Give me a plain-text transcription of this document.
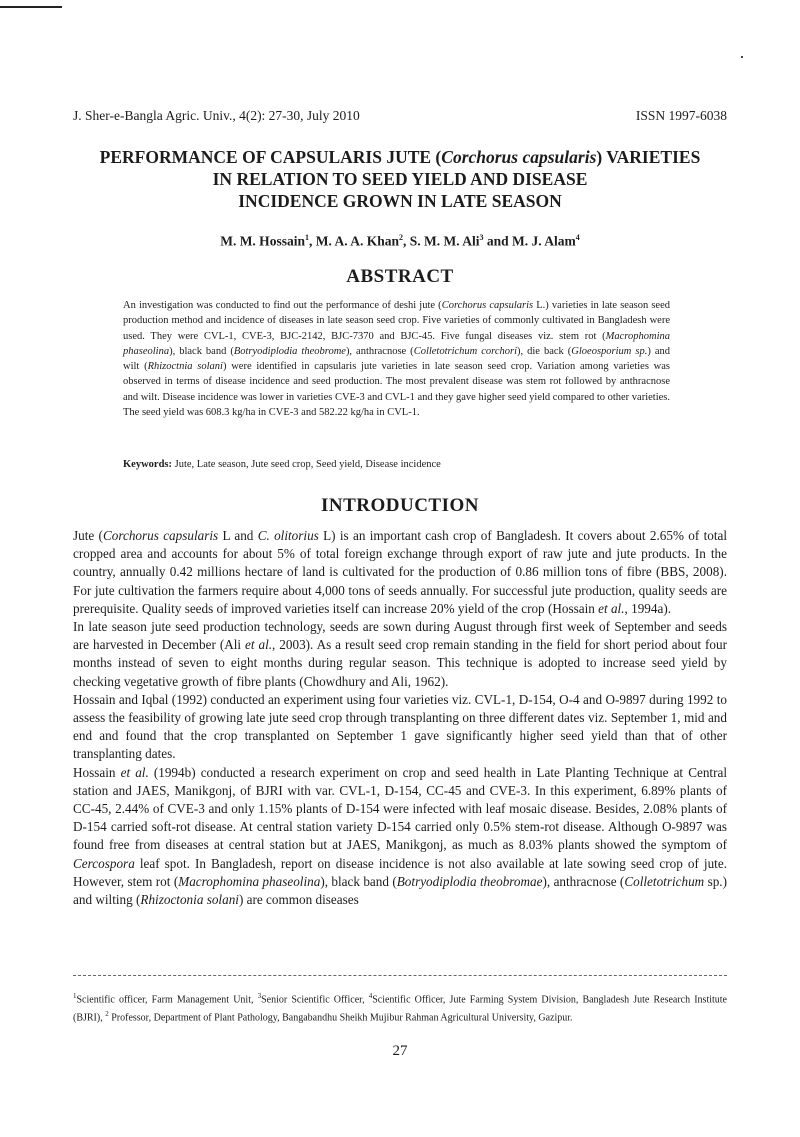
J. Sher-e-Bangla Agric. Univ., 4(2): 27-30, July 2010	ISSN 1997-6038
PERFORMANCE OF CAPSULARIS JUTE (Corchorus capsularis) VARIETIES
IN RELATION TO SEED YIELD AND DISEASE
INCIDENCE GROWN IN LATE SEASON
M. M. Hossain$^1$, M. A. A. Khan$^2$, S. M. M. Ali$^3$ and M. J. Alam$^4$
ABSTRACT
An investigation was conducted to find out the performance of deshi jute (Corchorus capsularis L.) varieties in late season seed production method and incidence of diseases in late season seed crop. Five varieties of commonly cultivated in Bangladesh were used. They were CVL-1, CVE-3, BJC-2142, BJC-7370 and BJC-45. Five fungal diseases viz. stem rot (Macrophomina phaseolina), black band (Botryodiplodia theobrome), anthracnose (Colletotrichum corchori), die back (Gloeosporium sp.) and wilt (Rhizoctnia solani) were identified in capsularis jute varieties in late season seed crop. Variation among varieties was observed in terms of disease incidence and seed production. The most prevalent disease was stem rot followed by anthracnose and wilt. Disease incidence was lower in varieties CVE-3 and CVL-1 and they gave higher seed yield compared to other varieties. The seed yield was 608.3 kg/ha in CVE-3 and 582.22 kg/ha in CVL-1.
Keywords: Jute, Late season, Jute seed crop, Seed yield, Disease incidence
INTRODUCTION

Jute (Corchorus capsularis L and C. olitorius L) is an important cash crop of Bangladesh. It covers about 2.65% of total cropped area and accounts for about 5% of total foreign exchange through export of raw jute and jute products. In the country, annually 0.42 millions hectare of land is cultivated for the production of 0.86 million tons of fibre (BBS, 2008). For jute cultivation the farmers require about 4,000 tons of seeds annually. For successful jute production, quality seeds are prerequisite. Quality seeds of improved varieties itself can increase 20% yield of the crop (Hossain et al., 1994a).

In late season jute seed production technology, seeds are sown during August through first week of September and seeds are harvested in December (Ali et al., 2003). As a result seed crop remain standing in the field for short period about four months instead of seven to eight months during regular season. This technique is adopted to increase seed yield by checking vegetative growth of fibre plants (Chowdhury and Ali, 1962).

Hossain and Iqbal (1992) conducted an experiment using four varieties viz. CVL-1, D-154, O-4 and O-9897 during 1992 to assess the feasibility of growing late jute seed crop through transplanting on three different dates viz. September 1, mid and end and found that the crop transplanted on September 1 gave significantly higher seed yield than that of other transplanting dates.

Hossain et al. (1994b) conducted a research experiment on crop and seed health in Late Planting Technique at Central station and JAES, Manikgonj, of BJRI with var. CVL-1, D-154, CC-45 and CVE-3. In this experiment, 6.89% plants of CC-45, 2.44% of CVE-3 and only 1.15% plants of D-154 were infected with leaf mosaic disease. Besides, 2.08% plants of D-154 carried soft-rot disease. At central station variety D-154 carried only 0.5% stem-rot disease. Although O-9897 was found free from diseases at central station but at JAES, Manikgonj, as much as 8.03% plants showed the symptom of Cercospora leaf spot. In Bangladesh, report on disease incidence is not also available at late sowing seed crop of jute. However, stem rot (Macrophomina phaseolina), black band (Botryodiplodia theobromae), anthracnose (Colletotrichum sp.) and wilting (Rhizoctonia solani) are common diseases

$^1$Scientific officer, Farm Management Unit, $^3$Senior Scientific Officer, $^4$Scientific Officer, Jute Farming System Division, Bangladesh Jute Research Institute (BJRI), $^2$ Professor, Department of Plant Pathology, Bangabandhu Sheikh Mujibur Rahman Agricultural University, Gazipur.
27
